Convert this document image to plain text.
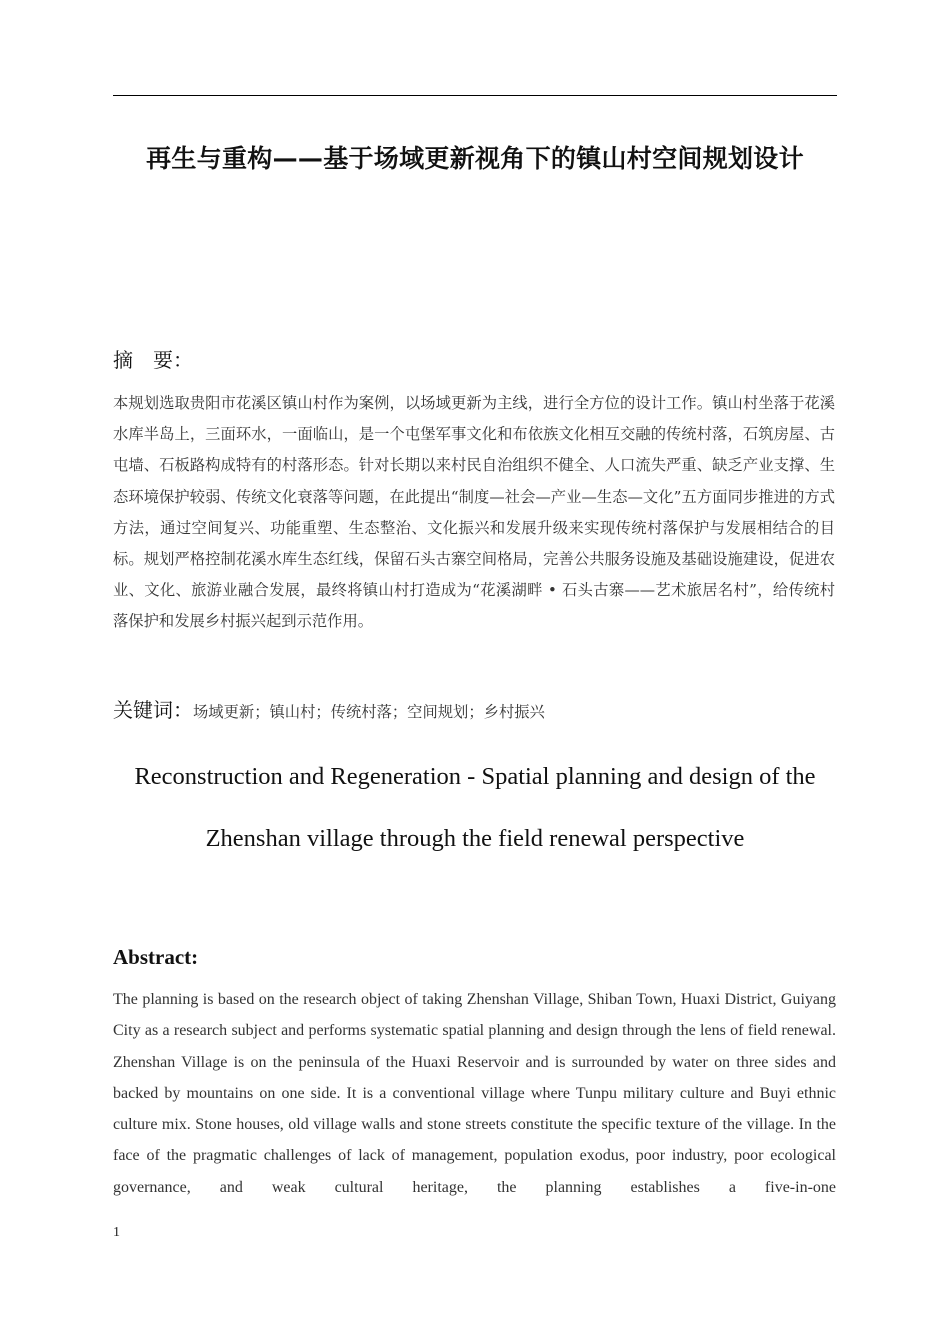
再生与重构——基于场域更新视角下的镇山村空间规划设计
摘　要：

本规划选取贵阳市花溪区镇山村作为案例，以场域更新为主线，进行全方位的设计工作。镇山村坐落于花溪水库半岛上，三面环水，一面临山，是一个屯堡军事文化和布依族文化相互交融的传统村落，石筑房屋、古屯墙、石板路构成特有的村落形态。针对长期以来村民自治组织不健全、人口流失严重、缺乏产业支撑、生态环境保护较弱、传统文化衰落等问题，在此提出“制度—社会—产业—生态—文化”五方面同步推进的方式方法，通过空间复兴、功能重塑、生态整治、文化振兴和发展升级来实现传统村落保护与发展相结合的目标。规划严格控制花溪水库生态红线，保留石头古寨空间格局，完善公共服务设施及基础设施建设，促进农业、文化、旅游业融合发展，最终将镇山村打造成为“花溪湖畔 • 石头古寨——艺术旅居名村”，给传统村落保护和发展乡村振兴起到示范作用。

关键词：场域更新；镇山村；传统村落；空间规划；乡村振兴

Reconstruction and Regeneration - Spatial planning and design of the Zhenshan village through the field renewal perspective
Abstract:

The planning is based on the research object of taking Zhenshan Village, Shiban Town, Huaxi District, Guiyang City as a research subject and performs systematic spatial planning and design through the lens of field renewal. Zhenshan Village is on the peninsula of the Huaxi Reservoir and is surrounded by water on three sides and backed by mountains on one side. It is a conventional village where Tunpu military culture and Buyi ethnic culture mix. Stone houses, old village walls and stone streets constitute the specific texture of the village. In the face of the pragmatic challenges of lack of management, population exodus, poor industry, poor ecological governance, and weak cultural heritage, the planning establishes a five-in-one

1
